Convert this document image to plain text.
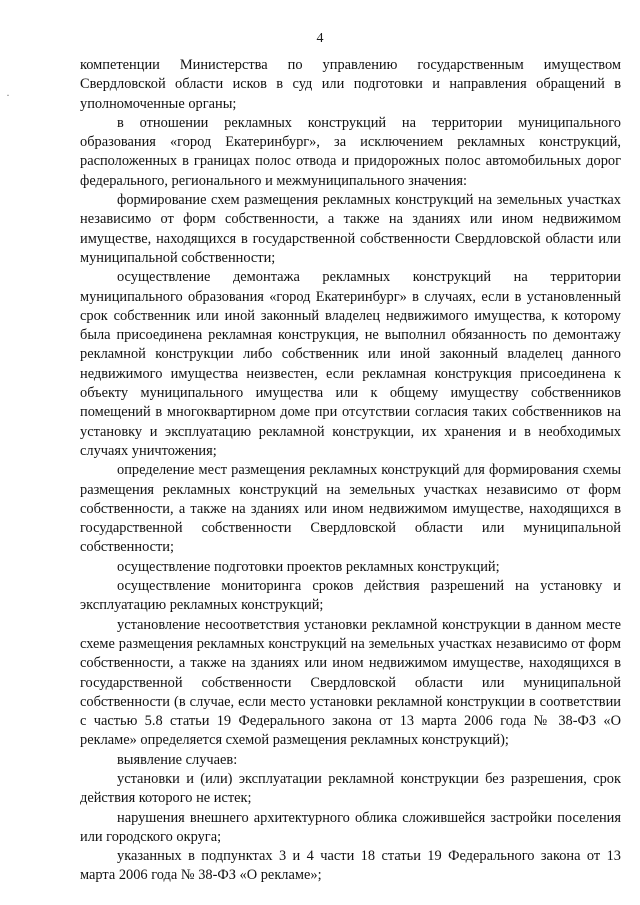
4
·

компетенции Министерства по управлению государственным имуществом Свердловской области исков в суд или подготовки и направления обращений в уполномоченные органы;

в отношении рекламных конструкций на территории муниципального образования «город Екатеринбург», за исключением рекламных конструкций, расположенных в границах полос отвода и придорожных полос автомобильных дорог федерального, регионального и межмуниципального значения:

формирование схем размещения рекламных конструкций на земельных участках независимо от форм собственности, а также на зданиях или ином недвижимом имуществе, находящихся в государственной собственности Свердловской области или муниципальной собственности;

осуществление демонтажа рекламных конструкций на территории муниципального образования «город Екатеринбург» в случаях, если в установленный срок собственник или иной законный владелец недвижимого имущества, к которому была присоединена рекламная конструкция, не выполнил обязанность по демонтажу рекламной конструкции либо собственник или иной законный владелец данного недвижимого имущества неизвестен, если рекламная конструкция присоединена к объекту муниципального имущества или к общему имуществу собственников помещений в многоквартирном доме при отсутствии согласия таких собственников на установку и эксплуатацию рекламной конструкции, их хранения и в необходимых случаях уничтожения;

определение мест размещения рекламных конструкций для формирования схемы размещения рекламных конструкций на земельных участках независимо от форм собственности, а также на зданиях или ином недвижимом имуществе, находящихся в государственной собственности Свердловской области или муниципальной собственности;

осуществление подготовки проектов рекламных конструкций;

осуществление мониторинга сроков действия разрешений на установку и эксплуатацию рекламных конструкций;

установление несоответствия установки рекламной конструкции в данном месте схеме размещения рекламных конструкций на земельных участках независимо от форм собственности, а также на зданиях или ином недвижимом имуществе, находящихся в государственной собственности Свердловской области или муниципальной собственности (в случае, если место установки рекламной конструкции в соответствии с частью 5.8 статьи 19 Федерального закона от 13 марта 2006 года № 38-ФЗ «О рекламе» определяется схемой размещения рекламных конструкций);

выявление случаев:

установки и (или) эксплуатации рекламной конструкции без разрешения, срок действия которого не истек;

нарушения внешнего архитектурного облика сложившейся застройки поселения или городского округа;

указанных в подпунктах 3 и 4 части 18 статьи 19 Федерального закона от 13 марта 2006 года № 38-ФЗ «О рекламе»;
